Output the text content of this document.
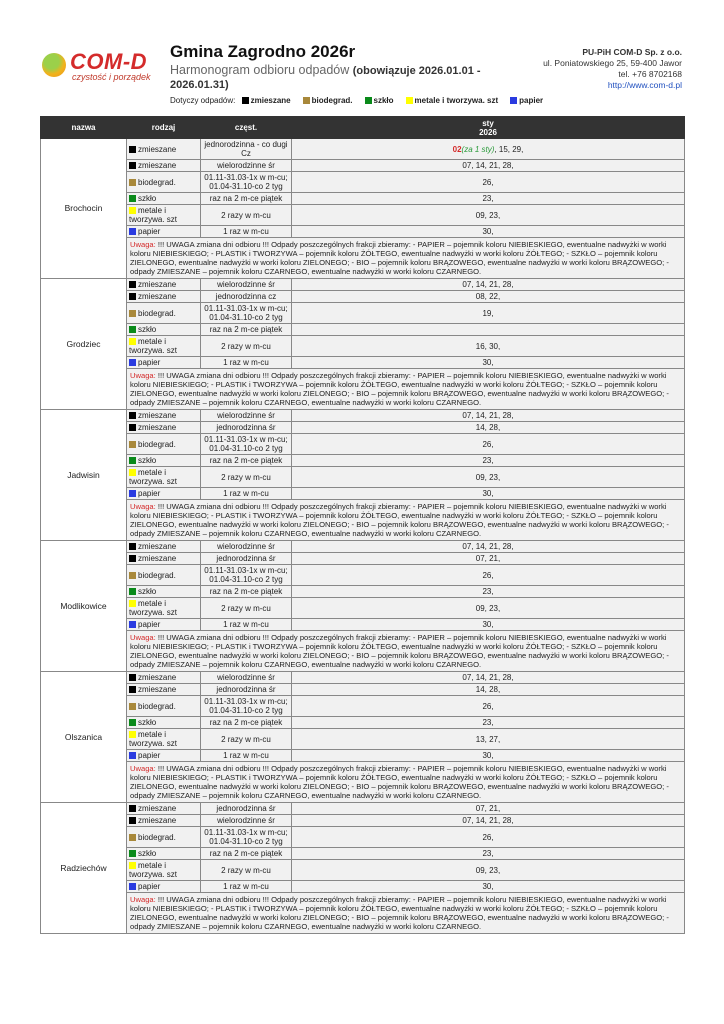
COM-D
czystość i porządek
Gmina Zagrodno 2026r
Harmonogram odbioru odpadów (obowiązuje 2026.01.01 - 2026.01.31)
Dotyczy odpadów: zmieszane	biodegrad.	szkło	metale i tworzywa. szt	papier
PU-PiH COM-D Sp. z o.o.
ul. Poniatowskiego 25, 59-400 Jawor
tel. +76 8702168
http://www.com-d.pl
nazwa	rodzaj	częst.	sty
2026
Brochocin	zmieszane	jednorodzinna - co dugi Cz	02(za 1 sty), 15, 29,
	zmieszane	wielorodzinne śr	07, 14, 21, 28,
	biodegrad.	01.11-31.03-1x w m-cu; 01.04-31.10-co 2 tyg	26,
	szkło	raz na 2 m-ce piątek	23,
	metale i tworzywa. szt	2 razy w m-cu	09, 23,
	papier	1 raz w m-cu	30,
	Uwaga: !!! UWAGA zmiana dni odbioru !!! Odpady poszczególnych frakcji zbieramy: - PAPIER – pojemnik koloru NIEBIESKIEGO, ewentualne nadwyżki w worki koloru NIEBIESKIEGO; - PLASTIK i TWORZYWA – pojemnik koloru ŻÓŁTEGO, ewentualne nadwyżki w worki koloru ŻÓŁTEGO; - SZKŁO – pojemnik koloru ZIELONEGO, ewentualne nadwyżki w worki koloru ZIELONEGO; - BIO – pojemnik koloru BRĄZOWEGO, ewentualne nadwyżki w worki koloru BRĄZOWEGO; - odpady ZMIESZANE – pojemnik koloru CZARNEGO, ewentualne nadwyżki w worki koloru CZARNEGO.		
Grodziec	zmieszane	wielorodzinne śr	07, 14, 21, 28,
	zmieszane	jednorodzinna cz	08, 22,
	biodegrad.	01.11-31.03-1x w m-cu; 01.04-31.10-co 2 tyg	19,
	szkło	raz na 2 m-ce piątek	
	metale i tworzywa. szt	2 razy w m-cu	16, 30,
	papier	1 raz w m-cu	30,
	Uwaga: !!! UWAGA zmiana dni odbioru !!! Odpady poszczególnych frakcji zbieramy: - PAPIER – pojemnik koloru NIEBIESKIEGO, ewentualne nadwyżki w worki koloru NIEBIESKIEGO; - PLASTIK i TWORZYWA – pojemnik koloru ŻÓŁTEGO, ewentualne nadwyżki w worki koloru ŻÓŁTEGO; - SZKŁO – pojemnik koloru ZIELONEGO, ewentualne nadwyżki w worki koloru ZIELONEGO; - BIO – pojemnik koloru BRĄZOWEGO, ewentualne nadwyżki w worki koloru BRĄZOWEGO; - odpady ZMIESZANE – pojemnik koloru CZARNEGO, ewentualne nadwyżki w worki koloru CZARNEGO.		
Jadwisin	zmieszane	wielorodzinne śr	07, 14, 21, 28,
	zmieszane	jednorodzinna śr	14, 28,
	biodegrad.	01.11-31.03-1x w m-cu; 01.04-31.10-co 2 tyg	26,
	szkło	raz na 2 m-ce piątek	23,
	metale i tworzywa. szt	2 razy w m-cu	09, 23,
	papier	1 raz w m-cu	30,
	Uwaga: !!! UWAGA zmiana dni odbioru !!! Odpady poszczególnych frakcji zbieramy: - PAPIER – pojemnik koloru NIEBIESKIEGO, ewentualne nadwyżki w worki koloru NIEBIESKIEGO; - PLASTIK i TWORZYWA – pojemnik koloru ŻÓŁTEGO, ewentualne nadwyżki w worki koloru ŻÓŁTEGO; - SZKŁO – pojemnik koloru ZIELONEGO, ewentualne nadwyżki w worki koloru ZIELONEGO; - BIO – pojemnik koloru BRĄZOWEGO, ewentualne nadwyżki w worki koloru BRĄZOWEGO; - odpady ZMIESZANE – pojemnik koloru CZARNEGO, ewentualne nadwyżki w worki koloru CZARNEGO.		
Modlikowice	zmieszane	wielorodzinne śr	07, 14, 21, 28,
	zmieszane	jednorodzinna śr	07, 21,
	biodegrad.	01.11-31.03-1x w m-cu; 01.04-31.10-co 2 tyg	26,
	szkło	raz na 2 m-ce piątek	23,
	metale i tworzywa. szt	2 razy w m-cu	09, 23,
	papier	1 raz w m-cu	30,
	Uwaga: !!! UWAGA zmiana dni odbioru !!! Odpady poszczególnych frakcji zbieramy: - PAPIER – pojemnik koloru NIEBIESKIEGO, ewentualne nadwyżki w worki koloru NIEBIESKIEGO; - PLASTIK i TWORZYWA – pojemnik koloru ŻÓŁTEGO, ewentualne nadwyżki w worki koloru ŻÓŁTEGO; - SZKŁO – pojemnik koloru ZIELONEGO, ewentualne nadwyżki w worki koloru ZIELONEGO; - BIO – pojemnik koloru BRĄZOWEGO, ewentualne nadwyżki w worki koloru BRĄZOWEGO; - odpady ZMIESZANE – pojemnik koloru CZARNEGO, ewentualne nadwyżki w worki koloru CZARNEGO.		
Olszanica	zmieszane	wielorodzinne śr	07, 14, 21, 28,
	zmieszane	jednorodzinna śr	14, 28,
	biodegrad.	01.11-31.03-1x w m-cu; 01.04-31.10-co 2 tyg	26,
	szkło	raz na 2 m-ce piątek	23,
	metale i tworzywa. szt	2 razy w m-cu	13, 27,
	papier	1 raz w m-cu	30,
	Uwaga: !!! UWAGA zmiana dni odbioru !!! Odpady poszczególnych frakcji zbieramy: - PAPIER – pojemnik koloru NIEBIESKIEGO, ewentualne nadwyżki w worki koloru NIEBIESKIEGO; - PLASTIK i TWORZYWA – pojemnik koloru ŻÓŁTEGO, ewentualne nadwyżki w worki koloru ŻÓŁTEGO; - SZKŁO – pojemnik koloru ZIELONEGO, ewentualne nadwyżki w worki koloru ZIELONEGO; - BIO – pojemnik koloru BRĄZOWEGO, ewentualne nadwyżki w worki koloru BRĄZOWEGO; - odpady ZMIESZANE – pojemnik koloru CZARNEGO, ewentualne nadwyżki w worki koloru CZARNEGO.		
Radziechów	zmieszane	jednorodzinna śr	07, 21,
	zmieszane	wielorodzinne śr	07, 14, 21, 28,
	biodegrad.	01.11-31.03-1x w m-cu; 01.04-31.10-co 2 tyg	26,
	szkło	raz na 2 m-ce piątek	23,
	metale i tworzywa. szt	2 razy w m-cu	09, 23,
	papier	1 raz w m-cu	30,
	Uwaga: !!! UWAGA zmiana dni odbioru !!! Odpady poszczególnych frakcji zbieramy: - PAPIER – pojemnik koloru NIEBIESKIEGO, ewentualne nadwyżki w worki koloru NIEBIESKIEGO; - PLASTIK i TWORZYWA – pojemnik koloru ŻÓŁTEGO, ewentualne nadwyżki w worki koloru ŻÓŁTEGO; - SZKŁO – pojemnik koloru ZIELONEGO, ewentualne nadwyżki w worki koloru ZIELONEGO; - BIO – pojemnik koloru BRĄZOWEGO, ewentualne nadwyżki w worki koloru BRĄZOWEGO; - odpady ZMIESZANE – pojemnik koloru CZARNEGO, ewentualne nadwyżki w worki koloru CZARNEGO.		
